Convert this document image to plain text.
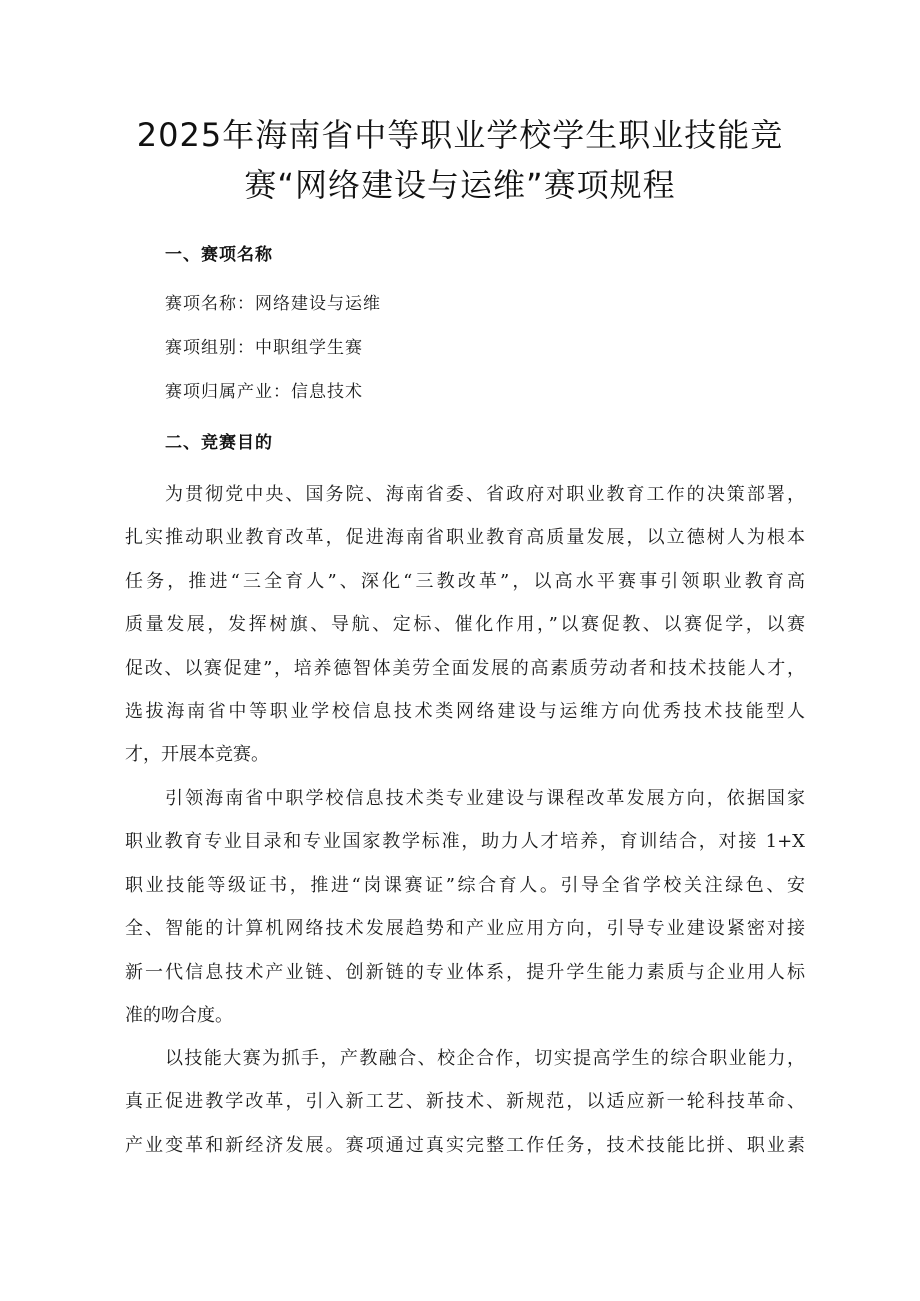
2025年海南省中等职业学校学生职业技能竞
赛“网络建设与运维”赛项规程
一、赛项名称
赛项名称：网络建设与运维
赛项组别：中职组学生赛
赛项归属产业：信息技术
二、竞赛目的
为贯彻党中央、国务院、海南省委、省政府对职业教育工作的决策部署，
扎实推动职业教育改革，促进海南省职业教育高质量发展，以立德树人为根本
任务，推进“三全育人”、深化“三教改革”，以高水平赛事引领职业教育高
质量发展，发挥树旗、导航、定标、催化作用，”以赛促教、以赛促学，以赛
促改、以赛促建”，培养德智体美劳全面发展的高素质劳动者和技术技能人才，
选拔海南省中等职业学校信息技术类网络建设与运维方向优秀技术技能型人
才，开展本竞赛。
引领海南省中职学校信息技术类专业建设与课程改革发展方向，依据国家
职业教育专业目录和专业国家教学标准，助力人才培养，育训结合，对接 1+X
职业技能等级证书，推进“岗课赛证”综合育人。引导全省学校关注绿色、安
全、智能的计算机网络技术发展趋势和产业应用方向，引导专业建设紧密对接
新一代信息技术产业链、创新链的专业体系，提升学生能力素质与企业用人标
准的吻合度。
以技能大赛为抓手，产教融合、校企合作，切实提高学生的综合职业能力，
真正促进教学改革，引入新工艺、新技术、新规范，以适应新一轮科技革命、
产业变革和新经济发展。赛项通过真实完整工作任务，技术技能比拼、职业素
